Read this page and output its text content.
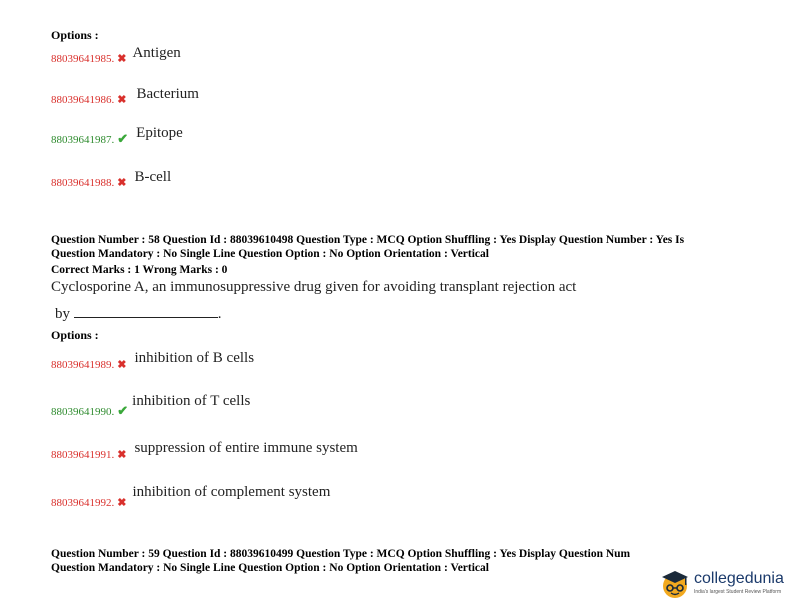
Options :
88039641985. ✖ Antigen
88039641986. ✖ Bacterium
88039641987. ✔ Epitope
88039641988. ✖ B-cell
Question Number : 58 Question Id : 88039610498 Question Type : MCQ Option Shuffling : Yes Display Question Number : Yes Is
Question Mandatory : No Single Line Question Option : No Option Orientation : Vertical
Correct Marks : 1 Wrong Marks : 0
Cyclosporine A, an immunosuppressive drug given for avoiding transplant rejection act
by	.
Options :
88039641989. ✖ inhibition of B cells
88039641990. ✔ inhibition of T cells
88039641991. ✖ suppression of entire immune system
88039641992. ✖ inhibition of complement system
Question Number : 59 Question Id : 88039610499 Question Type : MCQ Option Shuffling : Yes Display Question Num
Question Mandatory : No Single Line Question Option : No Option Orientation : Vertical
collegedunia
India's largest Student Review Platform
